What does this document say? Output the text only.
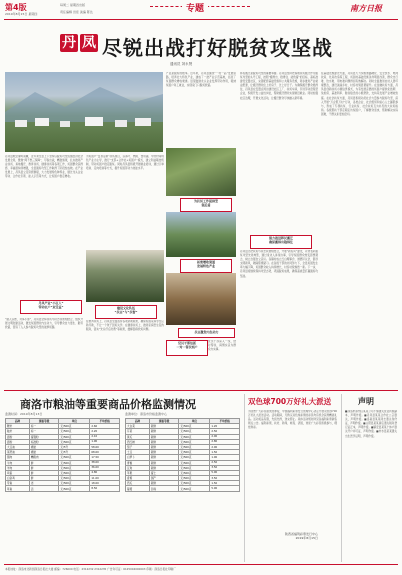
第4版
2019年8月15日 星期四
每周二 星期四出版
责任编辑 田佳 美编 陈达	专题	南方日报
丹 凤 尽锐出战打好脱贫攻坚战
通讯员 刘永贤
丹凤县地处秦岭南麓，近年来全县上下坚持以脱贫攻坚统揽经济社会发展全局，聚焦“两不愁三保障”，尽锐出战，精准施策，扎实推进产业扶贫、易地搬迁、教育扶贫、健康扶贫等各项工作，贫困群众获得感、幸福感持续增强，全县脱贫攻坚工作取得了阶段性成效。在产业发展上，丹凤县立足资源禀赋，大力发展特色种养业，通过龙头企业带动、合作社引领、能人示范等方式，让贫困户稳定增收。
丹凤产业“小巨人”
带动农户“双受益”
“做人以德，共享小康”，丹凤县坚持扶贫与扶志扶智相结合，组织开展文明创建活动，激发贫困群众内生动力，引导群众自力更生、勤劳致富，营造了人人参与脱贫攻坚的浓厚氛围。
为贫困户“量身定制”扶贫项目，以茶叶、核桃、食用菌、中药材等特色产业为主导，推行“支部+合作社+贫困户”模式，建立利益联结机制，带动贫困户稳定脱贫。同时丹凤县积极开展就业培训，通过订单培训、定向培训等方式，提升贫困劳动力技能水平。
建设文化队伍
“扶志”与“扶智”
在教育扶贫上，丹凤县全面落实各项资助政策，确保贫困家庭学生应助尽助，不让一个孩子因贫失学；在健康扶贫上，推进家庭医生签约服务，落实“先诊疗后付费”等政策，缓解因病致贫问题。
产业是脱贫的根本。近年来，丹凤县围绕“一村一品”发展思路，培育壮大特色产业，建成了一批产业示范基地，拓宽了贫困群众增收渠道。县里鼓励龙头企业发挥带动作用，吸纳贫困户务工就业，实现家门口脱贫致富。
为扶贫工作提供坚
强后盾
拓宽增收渠道
发展特色产业
扶志激发内生动力
党员干部包抓
一对一帮扶到户
党员干部深入一线，结对帮扶，真情实意为群众办实事。
移民搬迁是脱贫攻坚的重要举措。丹凤县坚持把易地扶贫搬迁作为脱贫攻坚的头号工程，按照“搬得出、稳得住、能致富”的目标，高标准建设安置社区，完善配套基础设施和公共服务设施，同步推进产业就业配套，让搬迁群众住上好房子、过上好日子。为确保搬迁群众稳得住，丹凤县在安置点周边建设社区工厂、扶贫车间，引进劳动密集型企业，积极开发公益性岗位，帮助搬迁群众实现就近就业。同时加强社区治理，开展文化活动，让搬迁群众尽快融入新环境。
强力推进移民搬迁
确保搬得出稳得住
丹凤县还把扶贫与扶志扶智相结合，开展“新民风”建设，评选表彰脱贫攻坚先进典型，通过身边人讲身边事，引导贫困群众转变思想观念，树立自强自立意识。各镇村成立红白理事会、道德评议会，倡导文明新风，破除陈规陋习。在各级干部的共同努力下，全县贫困发生率大幅下降，贫困群众收入持续增长，村容村貌焕然一新。下一步，丹凤县将继续保持攻坚态势，巩固脱贫成果，确保高质量打赢脱贫攻坚战。
在基础设施建设方面，丹凤县大力实施道路硬化、安全饮水、电网改造、危房改造等工程，贫困村基础设施条件明显改善，群众出行难、饮水难、用电难问题得到有效解决。同时全面推进农村人居环境整治，建设美丽乡村，村容村貌显著提升。在金融扶贫方面，丹凤县创新扶贫小额信贷模式，为有发展意愿的贫困户提供免抵押、免担保、基准利率、财政贴息的小额贷款，支持其发展产业增收致富。在社会扶贫方面，丹凤县积极动员社会力量参与脱贫攻坚，深入开展“万企帮万村”行动，各类企业、社会组织和爱心人士踊跃参与，形成了专项扶贫、行业扶贫、社会扶贫互为补充的大扶贫格局。各级帮扶干部定期走访贫困户，了解群众需求，帮助解决实际困难，干群关系更加密切。
商洛市粮油等重要商品价格监测情况
监测时间：2019年8月13日	监测单位：商洛市价格监测中心
品种	规格等级	单位	平均价格
粳米	标一	元/500克	2.60
籼米	标一	元/500克	2.20
面粉	富强粉	元/500克	2.10
面粉	标准粉	元/500克	1.90
大豆油	桶装	元/5升	58.00
菜籽油	桶装	元/5升	68.00
猪肉	精瘦肉	元/500克	17.50
牛肉	鲜	元/500克	38.00
羊肉	鲜	元/500克	36.00
鸡蛋	鲜	元/500克	4.80
白条鸡	鲜	元/500克	11.00
带鱼	冻	元/500克	18.00
草鱼	活	元/500克	8.50
品种	规格等级	单位	平均价格
大白菜	新鲜	元/500克	1.20
芹菜	新鲜	元/500克	2.50
黄瓜	新鲜	元/500克	2.00
西红柿	新鲜	元/500克	2.80
茄子	新鲜	元/500克	2.00
土豆	新鲜	元/500克	1.50
白萝卜	新鲜	元/500克	1.00
青椒	新鲜	元/500克	2.50
豆角	新鲜	元/500克	3.50
苹果	富士	元/500克	5.00
香蕉	国产	元/500克	3.50
西瓜	新鲜	元/500克	1.50
葡萄	巨峰	元/500克	5.00
双色球700万好礼大派送
为回馈广大彩民朋友的厚爱，中国福利彩票发行管理中心决定开展双色球700万好礼大派送活动。活动期间，凡购买双色球彩票的彩民均有机会获得精美礼品。活动奖品有限，先到先得，送完即止。具体活动规则详见各福利彩票销售网点公告。福利彩票，扶老、助残、救孤、济困，欢迎广大彩民积极参与，理性购彩。
陕西省福利彩票发行中心
2019年8月15日
声明
■商洛市商州区某某公司不慎遗失营业执照副本，声明作废。■丹凤县某某合作社公章遗失，声明作废。■洛南县某某同志遗失身份证，声明作废。■山阳县某某商店遗失税务登记证正本，声明作废。■镇安县某某个体户遗失开户许可证，声明作废。■柞水县某某遗失出生医学证明，声明作废。
本报地址：商洛市北新街商洛日报社大楼 邮编：726000 电话：2312232 2312235 广告许可证：6125004000003 印刷：商洛日报社印刷厂
